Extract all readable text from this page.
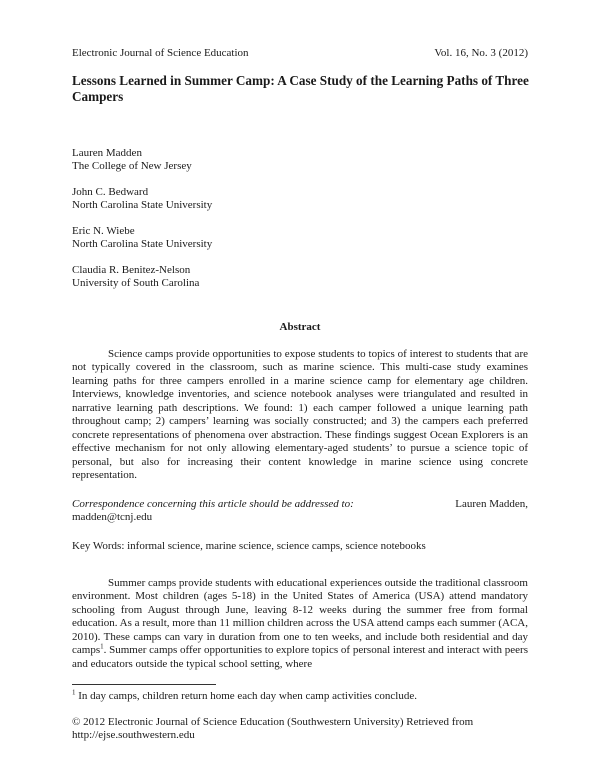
Electronic Journal of Science Education	Vol. 16, No. 3 (2012)
Lessons Learned in Summer Camp: A Case Study of the Learning Paths of Three Campers
Lauren Madden
The College of New Jersey
John C. Bedward
North Carolina State University
Eric N. Wiebe
North Carolina State University
Claudia R. Benitez-Nelson
University of South Carolina
Abstract
Science camps provide opportunities to expose students to topics of interest to students that are not typically covered in the classroom, such as marine science. This multi-case study examines learning paths for three campers enrolled in a marine science camp for elementary age children. Interviews, knowledge inventories, and science notebook analyses were triangulated and resulted in narrative learning path descriptions. We found: 1) each camper followed a unique learning path throughout camp; 2) campers’ learning was socially constructed; and 3) the campers each preferred concrete representations of phenomena over abstraction. These findings suggest Ocean Explorers is an effective mechanism for not only allowing elementary-aged students’ to pursue a science topic of personal, but also for increasing their content knowledge in marine science using concrete representation.
Correspondence concerning this article should be addressed to:	Lauren Madden,
madden@tcnj.edu
Key Words: informal science, marine science, science camps, science notebooks
Summer camps provide students with educational experiences outside the traditional classroom environment. Most children (ages 5-18) in the United States of America (USA) attend mandatory schooling from August through June, leaving 8-12 weeks during the summer free from formal education. As a result, more than 11 million children across the USA attend camps each summer (ACA, 2010). These camps can vary in duration from one to ten weeks, and include both residential and day camps$^1$. Summer camps offer opportunities to explore topics of personal interest and interact with peers and educators outside the typical school setting, where
$^1$ In day camps, children return home each day when camp activities conclude.
© 2012 Electronic Journal of Science Education (Southwestern University) Retrieved from
http://ejse.southwestern.edu
